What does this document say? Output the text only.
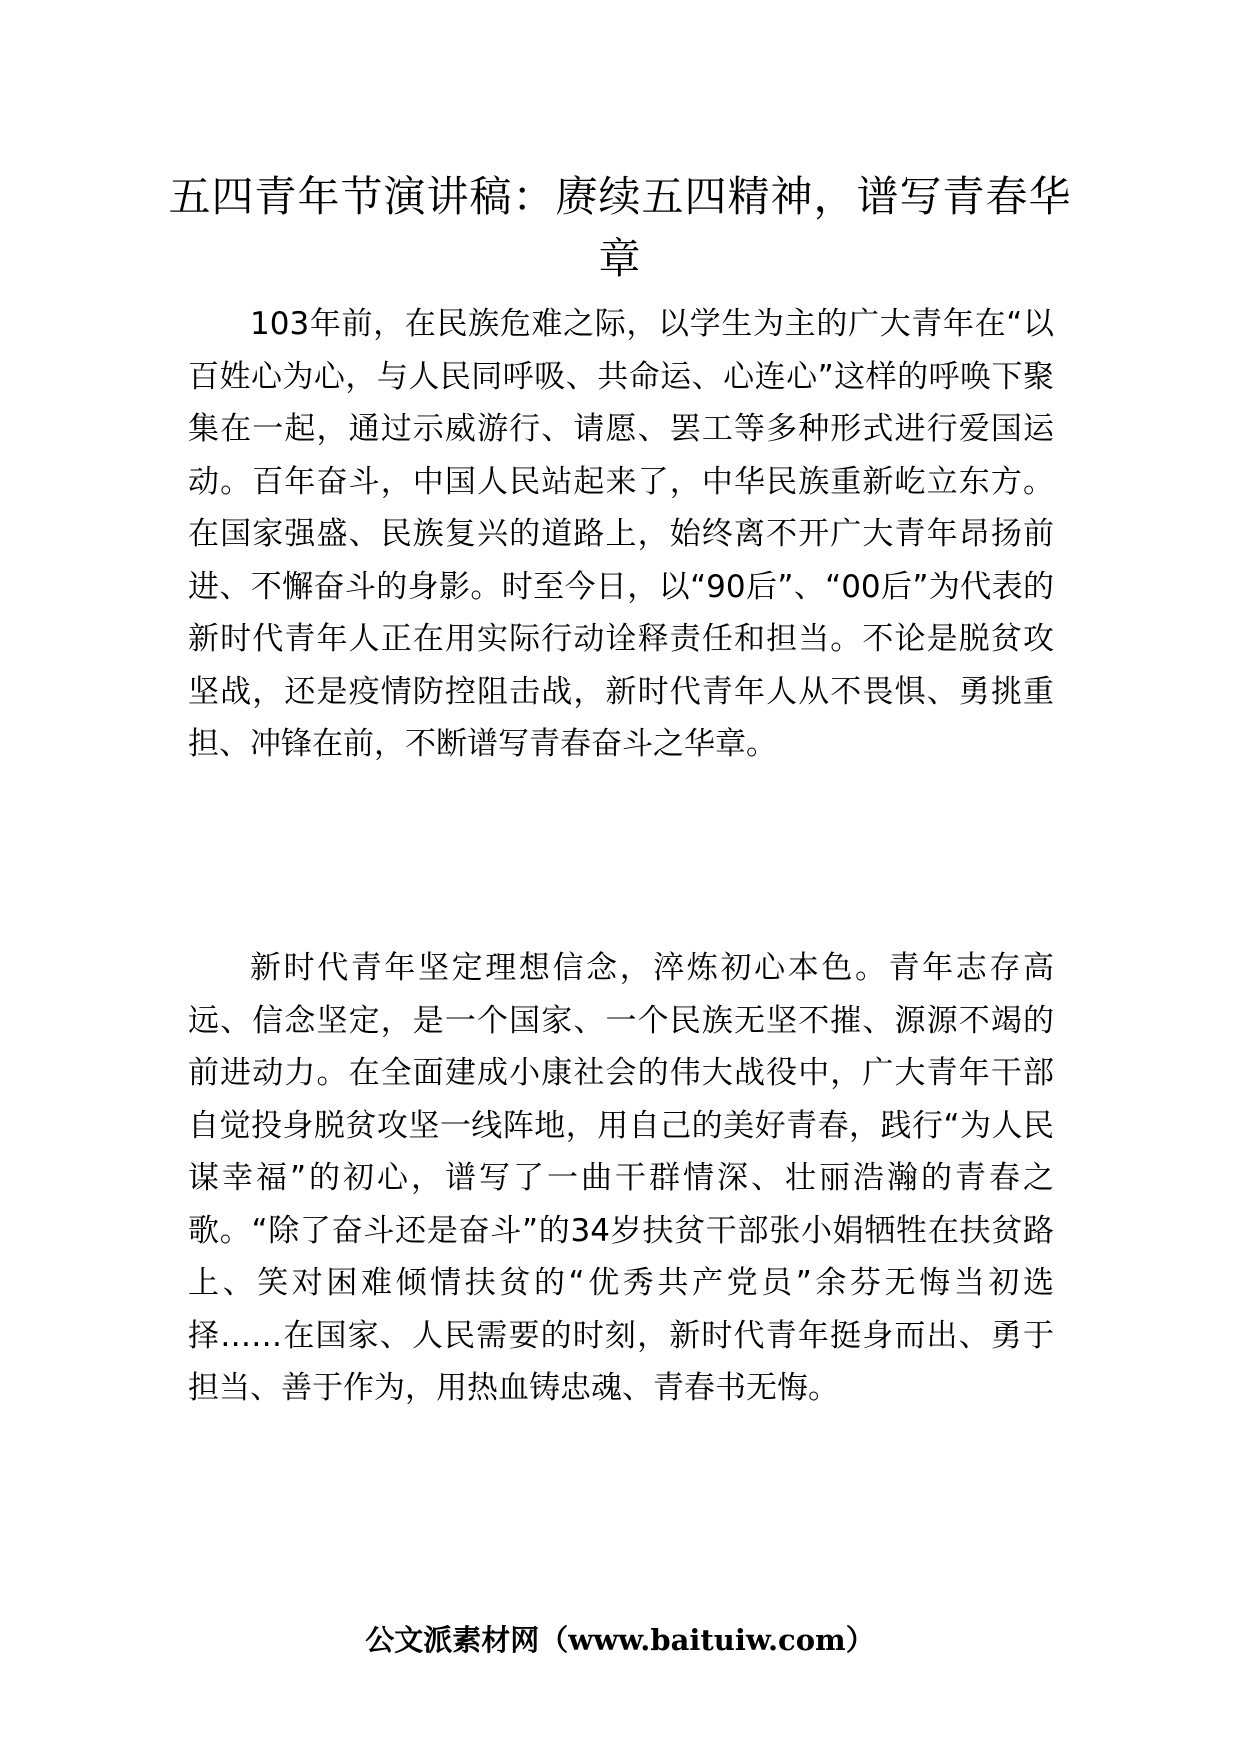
五四青年节演讲稿：赓续五四精神，谱写青春华章

103年前，在民族危难之际，以学生为主的广大青年在“以百姓心为心，与人民同呼吸、共命运、心连心”这样的呼唤下聚集在一起，通过示威游行、请愿、罢工等多种形式进行爱国运动。百年奋斗，中国人民站起来了，中华民族重新屹立东方。在国家强盛、民族复兴的道路上，始终离不开广大青年昂扬前进、不懈奋斗的身影。时至今日，以“90后”、“00后”为代表的新时代青年人正在用实际行动诠释责任和担当。不论是脱贫攻坚战，还是疫情防控阻击战，新时代青年人从不畏惧、勇挑重担、冲锋在前，不断谱写青春奋斗之华章。

新时代青年坚定理想信念，淬炼初心本色。青年志存高远、信念坚定，是一个国家、一个民族无坚不摧、源源不竭的前进动力。在全面建成小康社会的伟大战役中，广大青年干部自觉投身脱贫攻坚一线阵地，用自己的美好青春，践行“为人民谋幸福”的初心，谱写了一曲干群情深、壮丽浩瀚的青春之歌。“除了奋斗还是奋斗”的34岁扶贫干部张小娟牺牲在扶贫路上、笑对困难倾情扶贫的“优秀共产党员”余芬无悔当初选择……在国家、人民需要的时刻，新时代青年挺身而出、勇于担当、善于作为，用热血铸忠魂、青春书无悔。

公文派素材网（www.baituiw.com）
